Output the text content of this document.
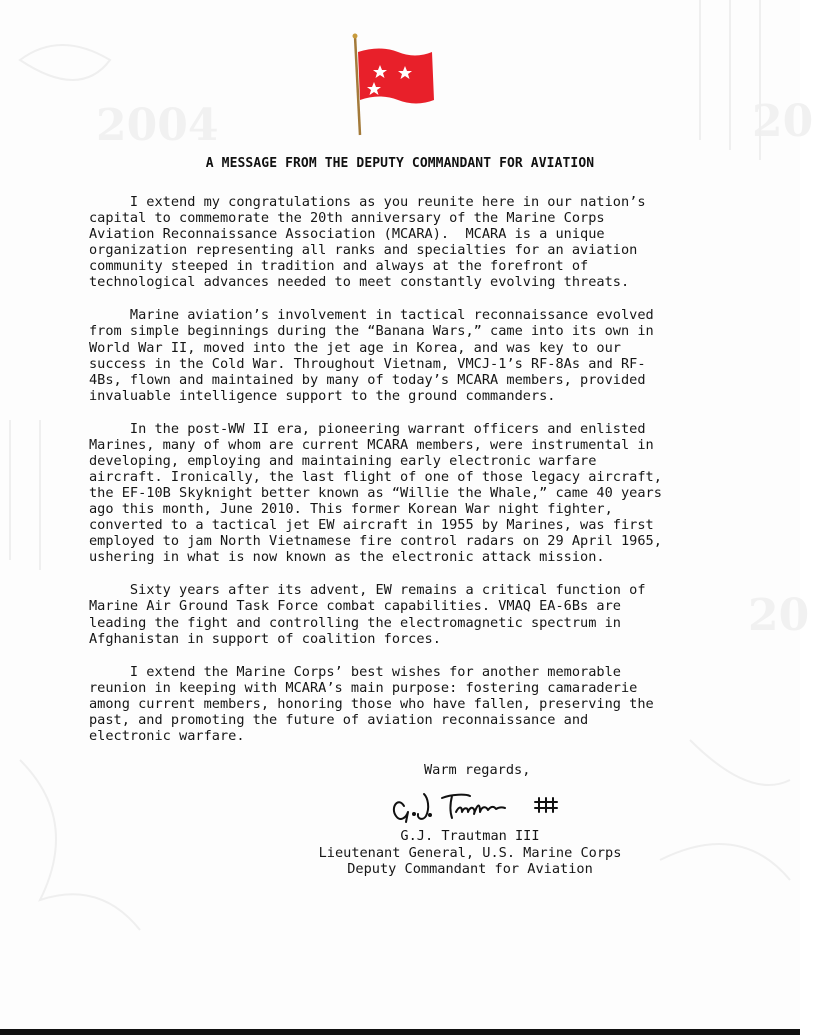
2004	20
20
A MESSAGE FROM THE DEPUTY COMMANDANT FOR AVIATION
I extend my congratulations as you reunite here in our nation’s
capital to commemorate the 20th anniversary of the Marine Corps
Aviation Reconnaissance Association (MCARA).  MCARA is a unique
organization representing all ranks and specialties for an aviation
community steeped in tradition and always at the forefront of
technological advances needed to meet constantly evolving threats.
Marine aviation’s involvement in tactical reconnaissance evolved
from simple beginnings during the “Banana Wars,” came into its own in
World War II, moved into the jet age in Korea, and was key to our
success in the Cold War. Throughout Vietnam, VMCJ-1’s RF-8As and RF-
4Bs, flown and maintained by many of today’s MCARA members, provided
invaluable intelligence support to the ground commanders.
In the post-WW II era, pioneering warrant officers and enlisted
Marines, many of whom are current MCARA members, were instrumental in
developing, employing and maintaining early electronic warfare
aircraft. Ironically, the last flight of one of those legacy aircraft,
the EF-10B Skyknight better known as “Willie the Whale,” came 40 years
ago this month, June 2010. This former Korean War night fighter,
converted to a tactical jet EW aircraft in 1955 by Marines, was first
employed to jam North Vietnamese fire control radars on 29 April 1965,
ushering in what is now known as the electronic attack mission.
Sixty years after its advent, EW remains a critical function of
Marine Air Ground Task Force combat capabilities. VMAQ EA-6Bs are
leading the fight and controlling the electromagnetic spectrum in
Afghanistan in support of coalition forces.
I extend the Marine Corps’ best wishes for another memorable
reunion in keeping with MCARA’s main purpose: fostering camaraderie
among current members, honoring those who have fallen, preserving the
past, and promoting the future of aviation reconnaissance and
electronic warfare.
Warm regards,
G.J. Trautman III
Lieutenant General, U.S. Marine Corps
Deputy Commandant for Aviation
